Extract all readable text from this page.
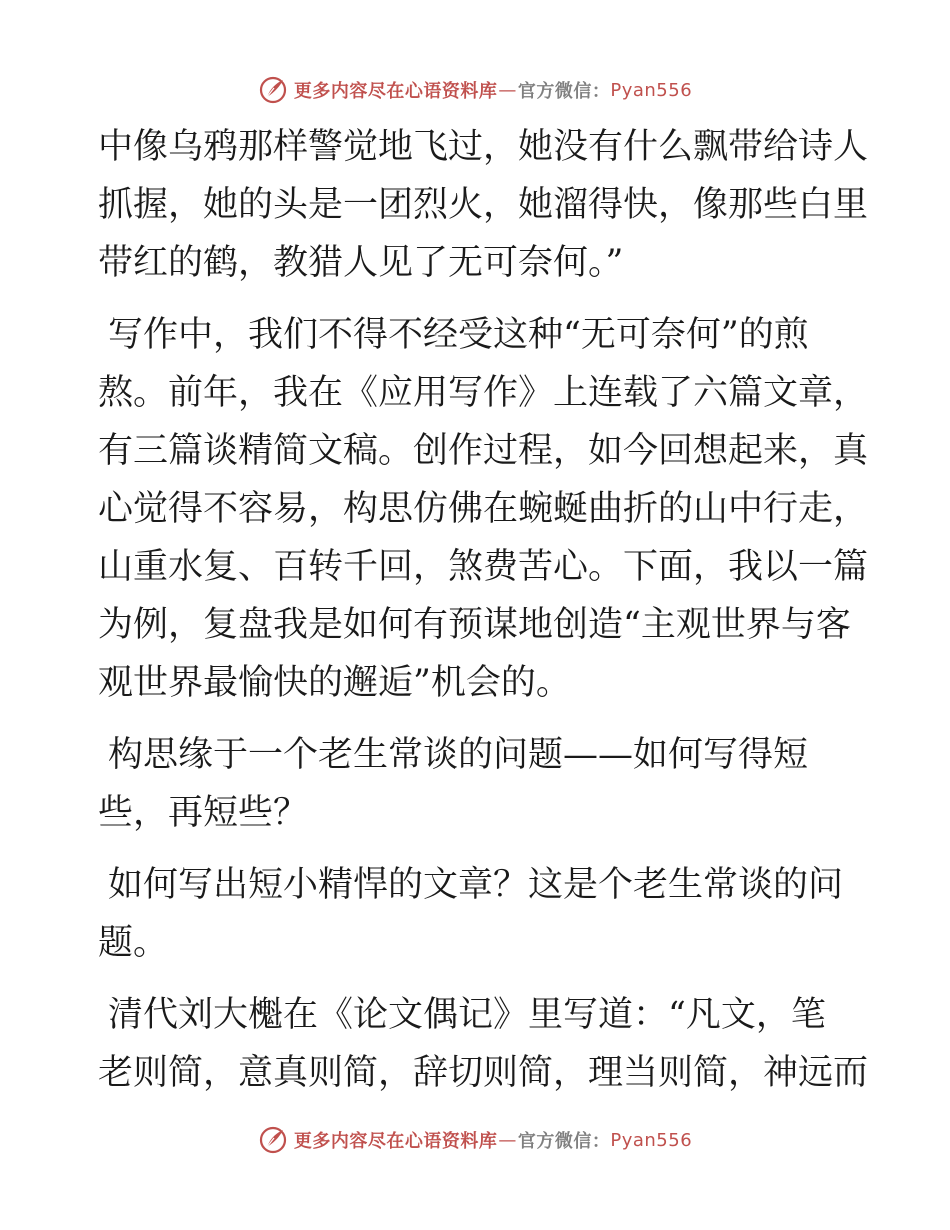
更多内容尽在心语资料库 — 官方微信： Pyan556
中像乌鸦那样警觉地飞过，她没有什么飘带给诗人
抓握，她的头是一团烈火，她溜得快，像那些白里
带红的鹤，教猎人见了无可奈何。”
写作中，我们不得不经受这种“无可奈何”的煎
熬。前年，我在《应用写作》上连载了六篇文章，
有三篇谈精简文稿。创作过程，如今回想起来，真
心觉得不容易，构思仿佛在蜿蜒曲折的山中行走，
山重水复、百转千回，煞费苦心。下面，我以一篇
为例，复盘我是如何有预谋地创造“主观世界与客
观世界最愉快的邂逅”机会的。
构思缘于一个老生常谈的问题——如何写得短
些，再短些？
如何写出短小精悍的文章？这是个老生常谈的问
题。
清代刘大櫆在《论文偶记》里写道：“凡文，笔
老则简，意真则简，辞切则简，理当则简，神远而
更多内容尽在心语资料库 — 官方微信： Pyan556
